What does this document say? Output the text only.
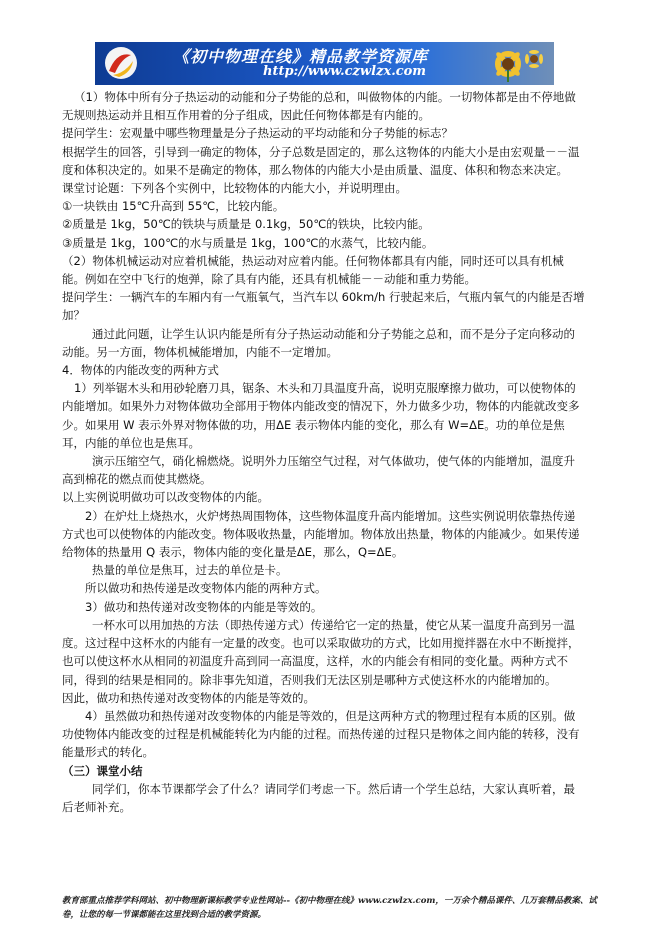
《初中物理在线》精品教学资源库
http://www.czwlzx.com

（1）物体中所有分子热运动的动能和分子势能的总和，叫做物体的内能。一切物体都是由不停地做无规则热运动并且相互作用着的分子组成，因此任何物体都是有内能的。

提问学生：宏观量中哪些物理量是分子热运动的平均动能和分子势能的标志？

根据学生的回答，引导到一确定的物体，分子总数是固定的，那么这物体的内能大小是由宏观量－－温度和体积决定的。如果不是确定的物体，那么物体的内能大小是由质量、温度、体积和物态来决定。

课堂讨论题：下列各个实例中，比较物体的内能大小，并说明理由。

①一块铁由 15℃升高到 55℃，比较内能。

②质量是 1kg，50℃的铁块与质量是 0.1kg，50℃的铁块，比较内能。

③质量是 1kg，100℃的水与质量是 1kg，100℃的水蒸气，比较内能。

（2）物体机械运动对应着机械能，热运动对应着内能。任何物体都具有内能，同时还可以具有机械能。例如在空中飞行的炮弹，除了具有内能，还具有机械能－－动能和重力势能。

提问学生：一辆汽车的车厢内有一气瓶氧气，当汽车以 60km/h 行驶起来后，气瓶内氧气的内能是否增加？

通过此问题，让学生认识内能是所有分子热运动动能和分子势能之总和，而不是分子定向移动的动能。另一方面，物体机械能增加，内能不一定增加。

4．物体的内能改变的两种方式

1）列举锯木头和用砂轮磨刀具，锯条、木头和刀具温度升高，说明克服摩擦力做功，可以使物体的内能增加。如果外力对物体做功全部用于物体内能改变的情况下，外力做多少功，物体的内能就改变多少。如果用 W 表示外界对物体做的功，用ΔE 表示物体内能的变化，那么有 W=ΔE。功的单位是焦耳，内能的单位也是焦耳。

演示压缩空气，硝化棉燃烧。说明外力压缩空气过程，对气体做功，使气体的内能增加，温度升高到棉花的燃点而使其燃烧。

以上实例说明做功可以改变物体的内能。

2）在炉灶上烧热水，火炉烤热周围物体，这些物体温度升高内能增加。这些实例说明依靠热传递方式也可以使物体的内能改变。物体吸收热量，内能增加。物体放出热量，物体的内能减少。如果传递给物体的热量用 Q 表示，物体内能的变化量是ΔE，那么，Q=ΔE。

热量的单位是焦耳，过去的单位是卡。

所以做功和热传递是改变物体内能的两种方式。

3）做功和热传递对改变物体的内能是等效的。

一杯水可以用加热的方法（即热传递方式）传递给它一定的热量，使它从某一温度升高到另一温度。这过程中这杯水的内能有一定量的改变。也可以采取做功的方式，比如用搅拌器在水中不断搅拌，也可以使这杯水从相同的初温度升高到同一高温度，这样，水的内能会有相同的变化量。两种方式不同，得到的结果是相同的。除非事先知道，否则我们无法区别是哪种方式使这杯水的内能增加的。

因此，做功和热传递对改变物体的内能是等效的。

4）虽然做功和热传递对改变物体的内能是等效的，但是这两种方式的物理过程有本质的区别。做功使物体内能改变的过程是机械能转化为内能的过程。而热传递的过程只是物体之间内能的转移，没有能量形式的转化。

（三）课堂小结

同学们，你本节课都学会了什么？请同学们考虑一下。然后请一个学生总结，大家认真听着，最后老师补充。

教育部重点推荐学科网站、初中物理新课标教学专业性网站--《初中物理在线》www.czwlzx.com，一万余个精品课件、几万套精品教案、试卷，让您的每一节课都能在这里找到合适的教学资源。
